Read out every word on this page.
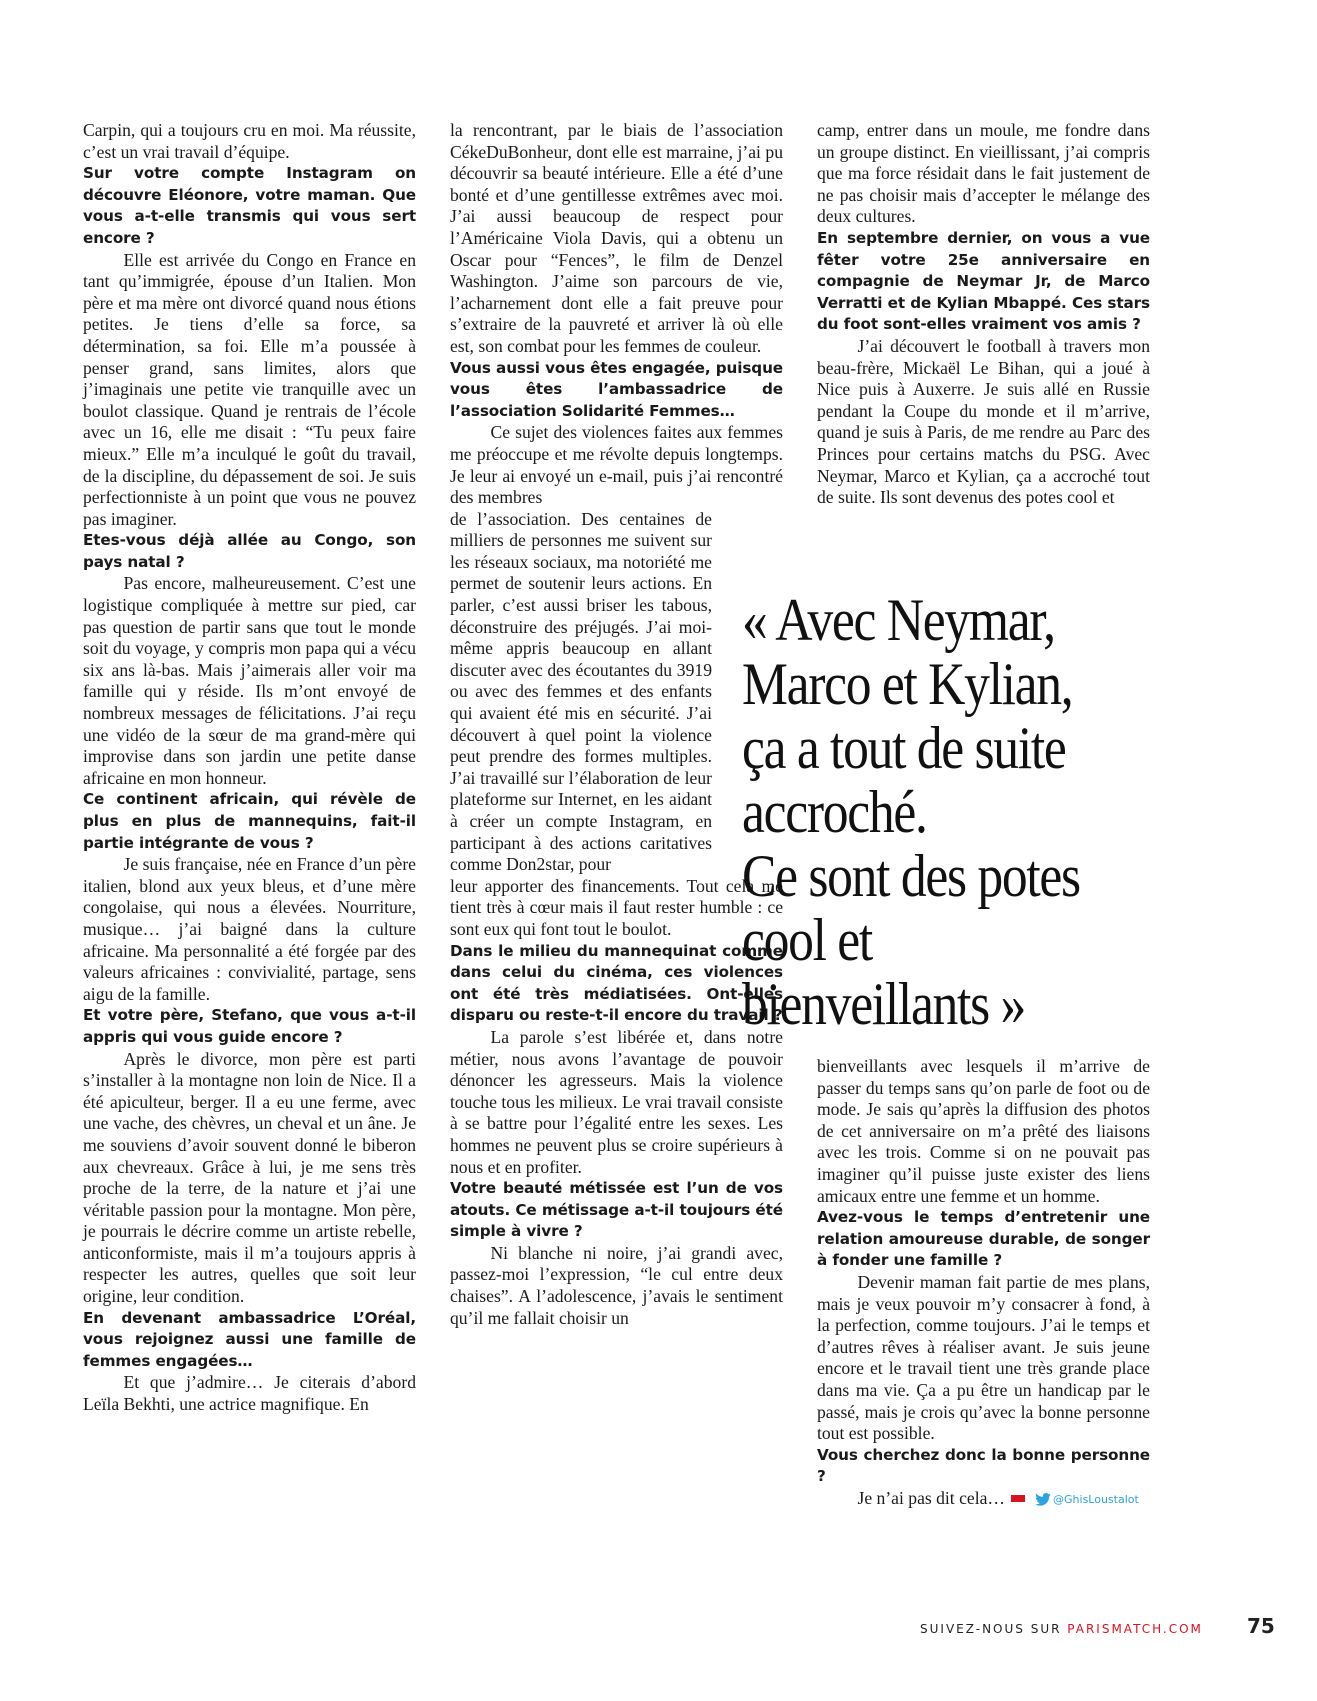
Carpin, qui a toujours cru en moi. Ma réussite, c’est un vrai travail d’équipe.

Sur votre compte Instagram on découvre Eléonore, votre maman. Que vous a-t-elle transmis qui vous sert encore ?

Elle est arrivée du Congo en France en tant qu’immigrée, épouse d’un Italien. Mon père et ma mère ont divorcé quand nous étions petites. Je tiens d’elle sa force, sa détermination, sa foi. Elle m’a poussée à penser grand, sans limites, alors que j’imaginais une petite vie tranquille avec un boulot classique. Quand je rentrais de l’école avec un 16, elle me disait : “Tu peux faire mieux.” Elle m’a inculqué le goût du travail, de la discipline, du dépassement de soi. Je suis perfectionniste à un point que vous ne pouvez pas imaginer.

Etes-vous déjà allée au Congo, son pays natal ?

Pas encore, malheureusement. C’est une logistique compliquée à mettre sur pied, car pas question de partir sans que tout le monde soit du voyage, y compris mon papa qui a vécu six ans là-bas. Mais j’aimerais aller voir ma famille qui y réside. Ils m’ont envoyé de nombreux messages de félicitations. J’ai reçu une vidéo de la sœur de ma grand-mère qui improvise dans son jardin une petite danse africaine en mon honneur.

Ce continent africain, qui révèle de plus en plus de mannequins, fait-il partie intégrante de vous ?

Je suis française, née en France d’un père italien, blond aux yeux bleus, et d’une mère congolaise, qui nous a élevées. Nourriture, musique… j’ai baigné dans la culture africaine. Ma personnalité a été forgée par des valeurs africaines : convivialité, partage, sens aigu de la famille.

Et votre père, Stefano, que vous a-t-il appris qui vous guide encore ?

Après le divorce, mon père est parti s’installer à la montagne non loin de Nice. Il a été apiculteur, berger. Il a eu une ferme, avec une vache, des chèvres, un cheval et un âne. Je me souviens d’avoir souvent donné le biberon aux chevreaux. Grâce à lui, je me sens très proche de la terre, de la nature et j’ai une véritable passion pour la montagne. Mon père, je pourrais le décrire comme un artiste rebelle, anticonformiste, mais il m’a toujours appris à respecter les autres, quelles que soit leur origine, leur condition.

En devenant ambassadrice L’Oréal, vous rejoignez aussi une famille de femmes engagées…

Et que j’admire… Je citerais d’abord Leïla Bekhti, une actrice magnifique. En

la rencontrant, par le biais de l’association CékeDuBonheur, dont elle est marraine, j’ai pu découvrir sa beauté intérieure. Elle a été d’une bonté et d’une gentillesse extrêmes avec moi. J’ai aussi beaucoup de respect pour l’Américaine Viola Davis, qui a obtenu un Oscar pour “Fences”, le film de Denzel Washington. J’aime son parcours de vie, l’acharnement dont elle a fait preuve pour s’extraire de la pauvreté et arriver là où elle est, son combat pour les femmes de couleur.

Vous aussi vous êtes engagée, puisque vous êtes l’ambassadrice de l’association Solidarité Femmes…

Ce sujet des violences faites aux femmes me préoccupe et me révolte depuis longtemps. Je leur ai envoyé un e-mail, puis j’ai rencontré des membres

de l’association. Des centaines de milliers de personnes me suivent sur les réseaux sociaux, ma notoriété me permet de soutenir leurs actions. En parler, c’est aussi briser les tabous, déconstruire des préjugés. J’ai moi-même appris beaucoup en allant discuter avec des écoutantes du 3919 ou avec des femmes et des enfants qui avaient été mis en sécurité. J’ai découvert à quel point la violence peut prendre des formes multiples. J’ai travaillé sur l’élaboration de leur plateforme sur Internet, en les aidant à créer un compte Instagram, en participant à des actions caritatives comme Don2star, pour

leur apporter des financements. Tout cela me tient très à cœur mais il faut rester humble : ce sont eux qui font tout le boulot.

Dans le milieu du mannequinat comme dans celui du cinéma, ces violences ont été très médiatisées. Ont-elles disparu ou reste-t-il encore du travail ?

La parole s’est libérée et, dans notre métier, nous avons l’avantage de pouvoir dénoncer les agresseurs. Mais la violence touche tous les milieux. Le vrai travail consiste à se battre pour l’égalité entre les sexes. Les hommes ne peuvent plus se croire supérieurs à nous et en profiter.

Votre beauté métissée est l’un de vos atouts. Ce métissage a-t-il toujours été simple à vivre ?

Ni blanche ni noire, j’ai grandi avec, passez-moi l’expression, “le cul entre deux chaises”. A l’adolescence, j’avais le sentiment qu’il me fallait choisir un

camp, entrer dans un moule, me fondre dans un groupe distinct. En vieillissant, j’ai compris que ma force résidait dans le fait justement de ne pas choisir mais d’accepter le mélange des deux cultures.

En septembre dernier, on vous a vue fêter votre 25e anniversaire en compagnie de Neymar Jr, de Marco Verratti et de Kylian Mbappé. Ces stars du foot sont-elles vraiment vos amis ?

J’ai découvert le football à travers mon beau-frère, Mickaël Le Bihan, qui a joué à Nice puis à Auxerre. Je suis allé en Russie pendant la Coupe du monde et il m’arrive, quand je suis à Paris, de me rendre au Parc des Princes pour certains matchs du PSG. Avec Neymar, Marco et Kylian, ça a accroché tout de suite. Ils sont devenus des potes cool et

bienveillants avec lesquels il m’arrive de passer du temps sans qu’on parle de foot ou de mode. Je sais qu’après la diffusion des photos de cet anniversaire on m’a prêté des liaisons avec les trois. Comme si on ne pouvait pas imaginer qu’il puisse juste exister des liens amicaux entre une femme et un homme.

Avez-vous le temps d’entretenir une relation amoureuse durable, de songer à fonder une famille ?

Devenir maman fait partie de mes plans, mais je veux pouvoir m’y consacrer à fond, à la perfection, comme toujours. J’ai le temps et d’autres rêves à réaliser avant. Je suis jeune encore et le travail tient une très grande place dans ma vie. Ça a pu être un handicap par le passé, mais je crois qu’avec la bonne personne tout est possible.

Vous cherchez donc la bonne personne ?

Je n’ai pas dit cela…	@GhisLoustalot

« Avec Neymar,
Marco et Kylian,
ça a tout de suite
accroché.
Ce sont des potes
cool et
bienveillants »
SUIVEZ-NOUS SUR PARISMATCH.COM 75
